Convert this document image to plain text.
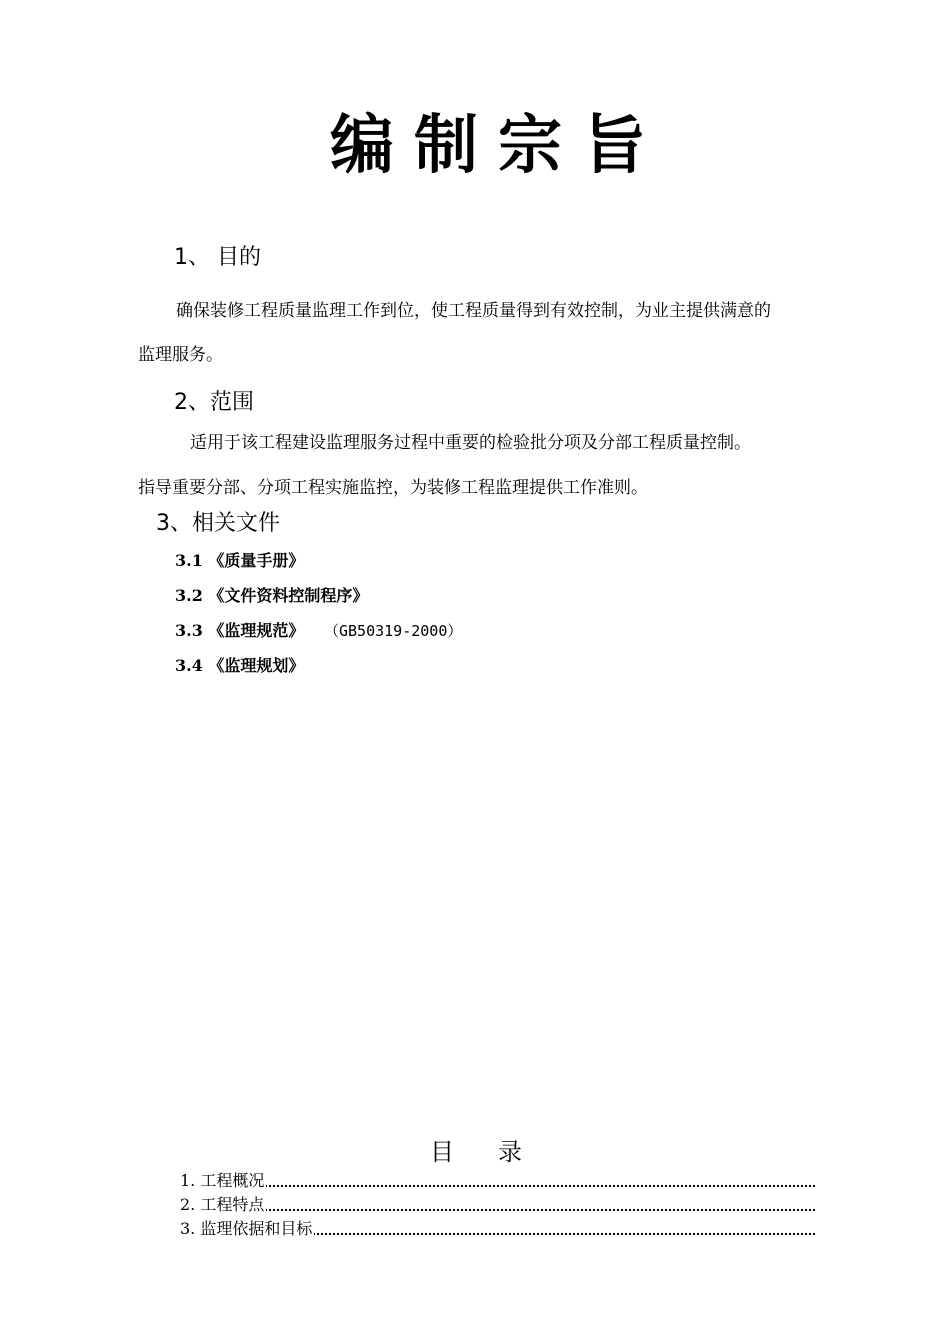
编制宗旨
1、 目的
确保装修工程质量监理工作到位，使工程质量得到有效控制，为业主提供满意的
监理服务。
2、范围
适用于该工程建设监理服务过程中重要的检验批分项及分部工程质量控制。
指导重要分部、分项工程实施监控，为装修工程监理提供工作准则。
3、相关文件
3.1 《质量手册》
3.2 《文件资料控制程序》
3.3 《监理规范》 （GB50319-2000）
3.4 《监理规划》
目录
1. 工程概况
2. 工程特点
3. 监理依据和目标
